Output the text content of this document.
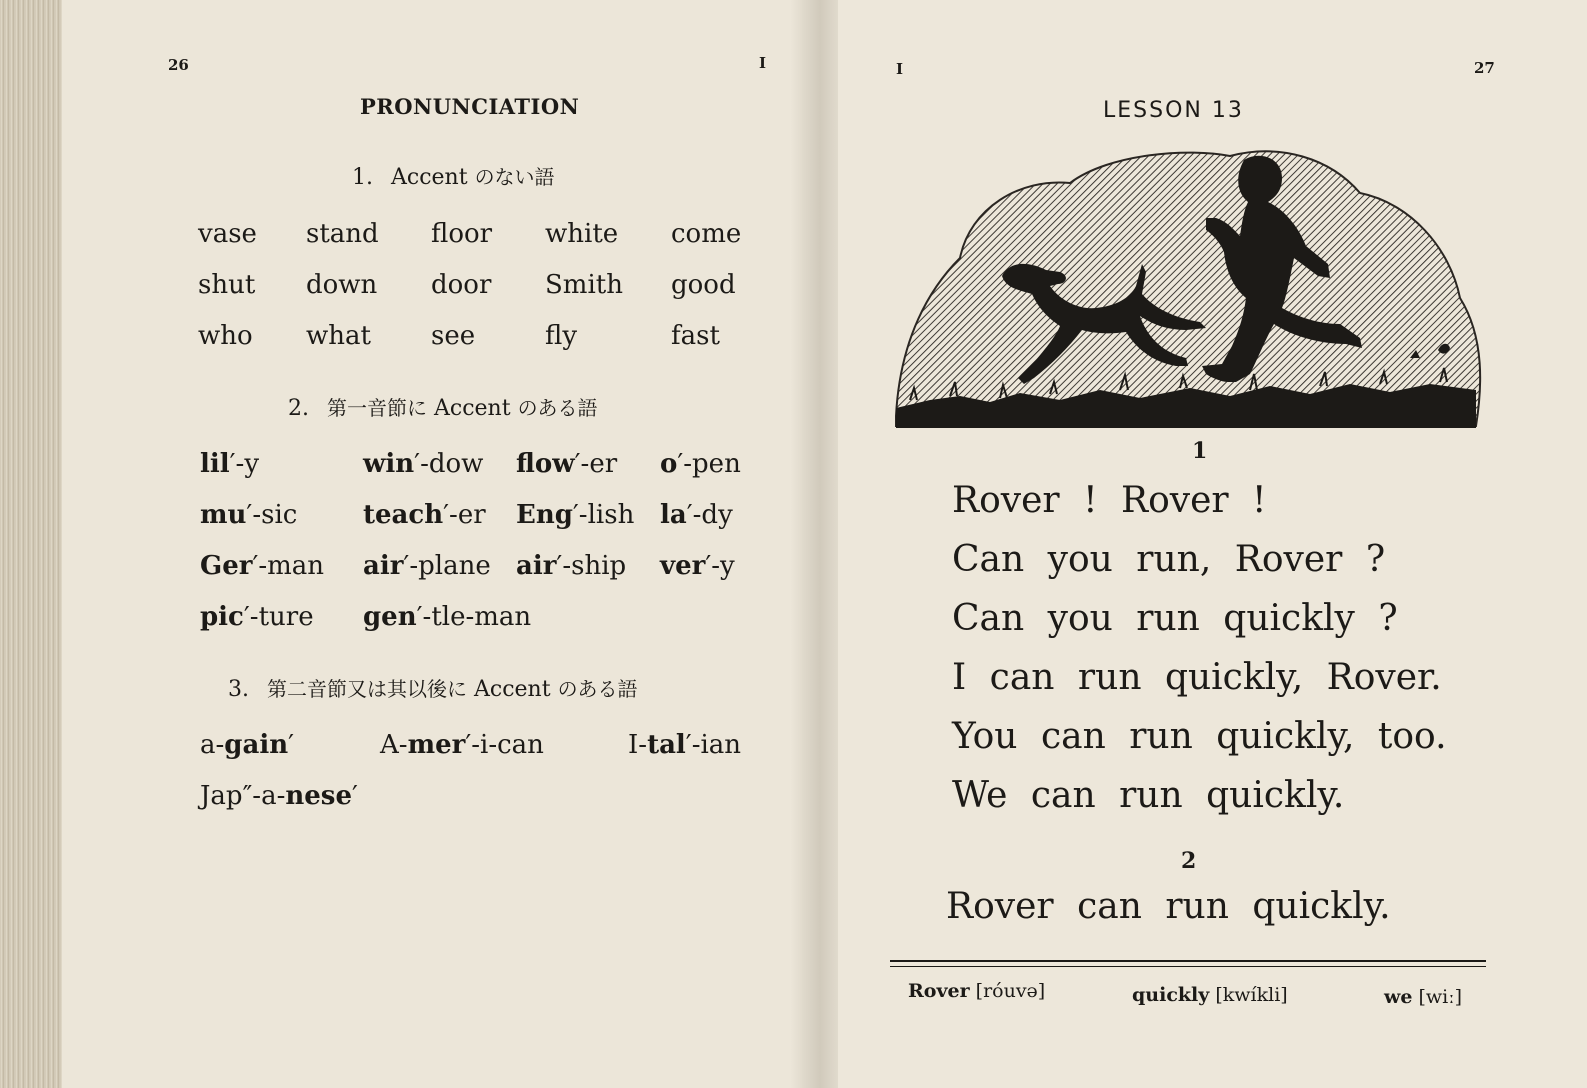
26	I
PRONUNCIATION
1. Accent のない語
vase stand floor white come
shut down door Smith good
who what see	fly	fast
2. 第一音節に Accent のある語
lil′-y	win′-dow flow′-er o′-pen
mu′-sic	teach′-er Eng′-lish la′-dy
Ger′-man air′-plane air′-ship ver′-y
pic′-ture gen′-tle-man
3. 第二音節又は其以後に Accent のある語
a-gain′	A-mer′-i-can	I-tal′-ian
Jap″-a-nese′
I	27
LESSON 13
1
Rover ! Rover !
Can you run, Rover ?
Can you run quickly ?
I can run quickly, Rover.
You can run quickly, too.
We can run quickly.
2
Rover can run quickly.
Rover [róuvə]	quickly [kwíkli]	we [wiː]
